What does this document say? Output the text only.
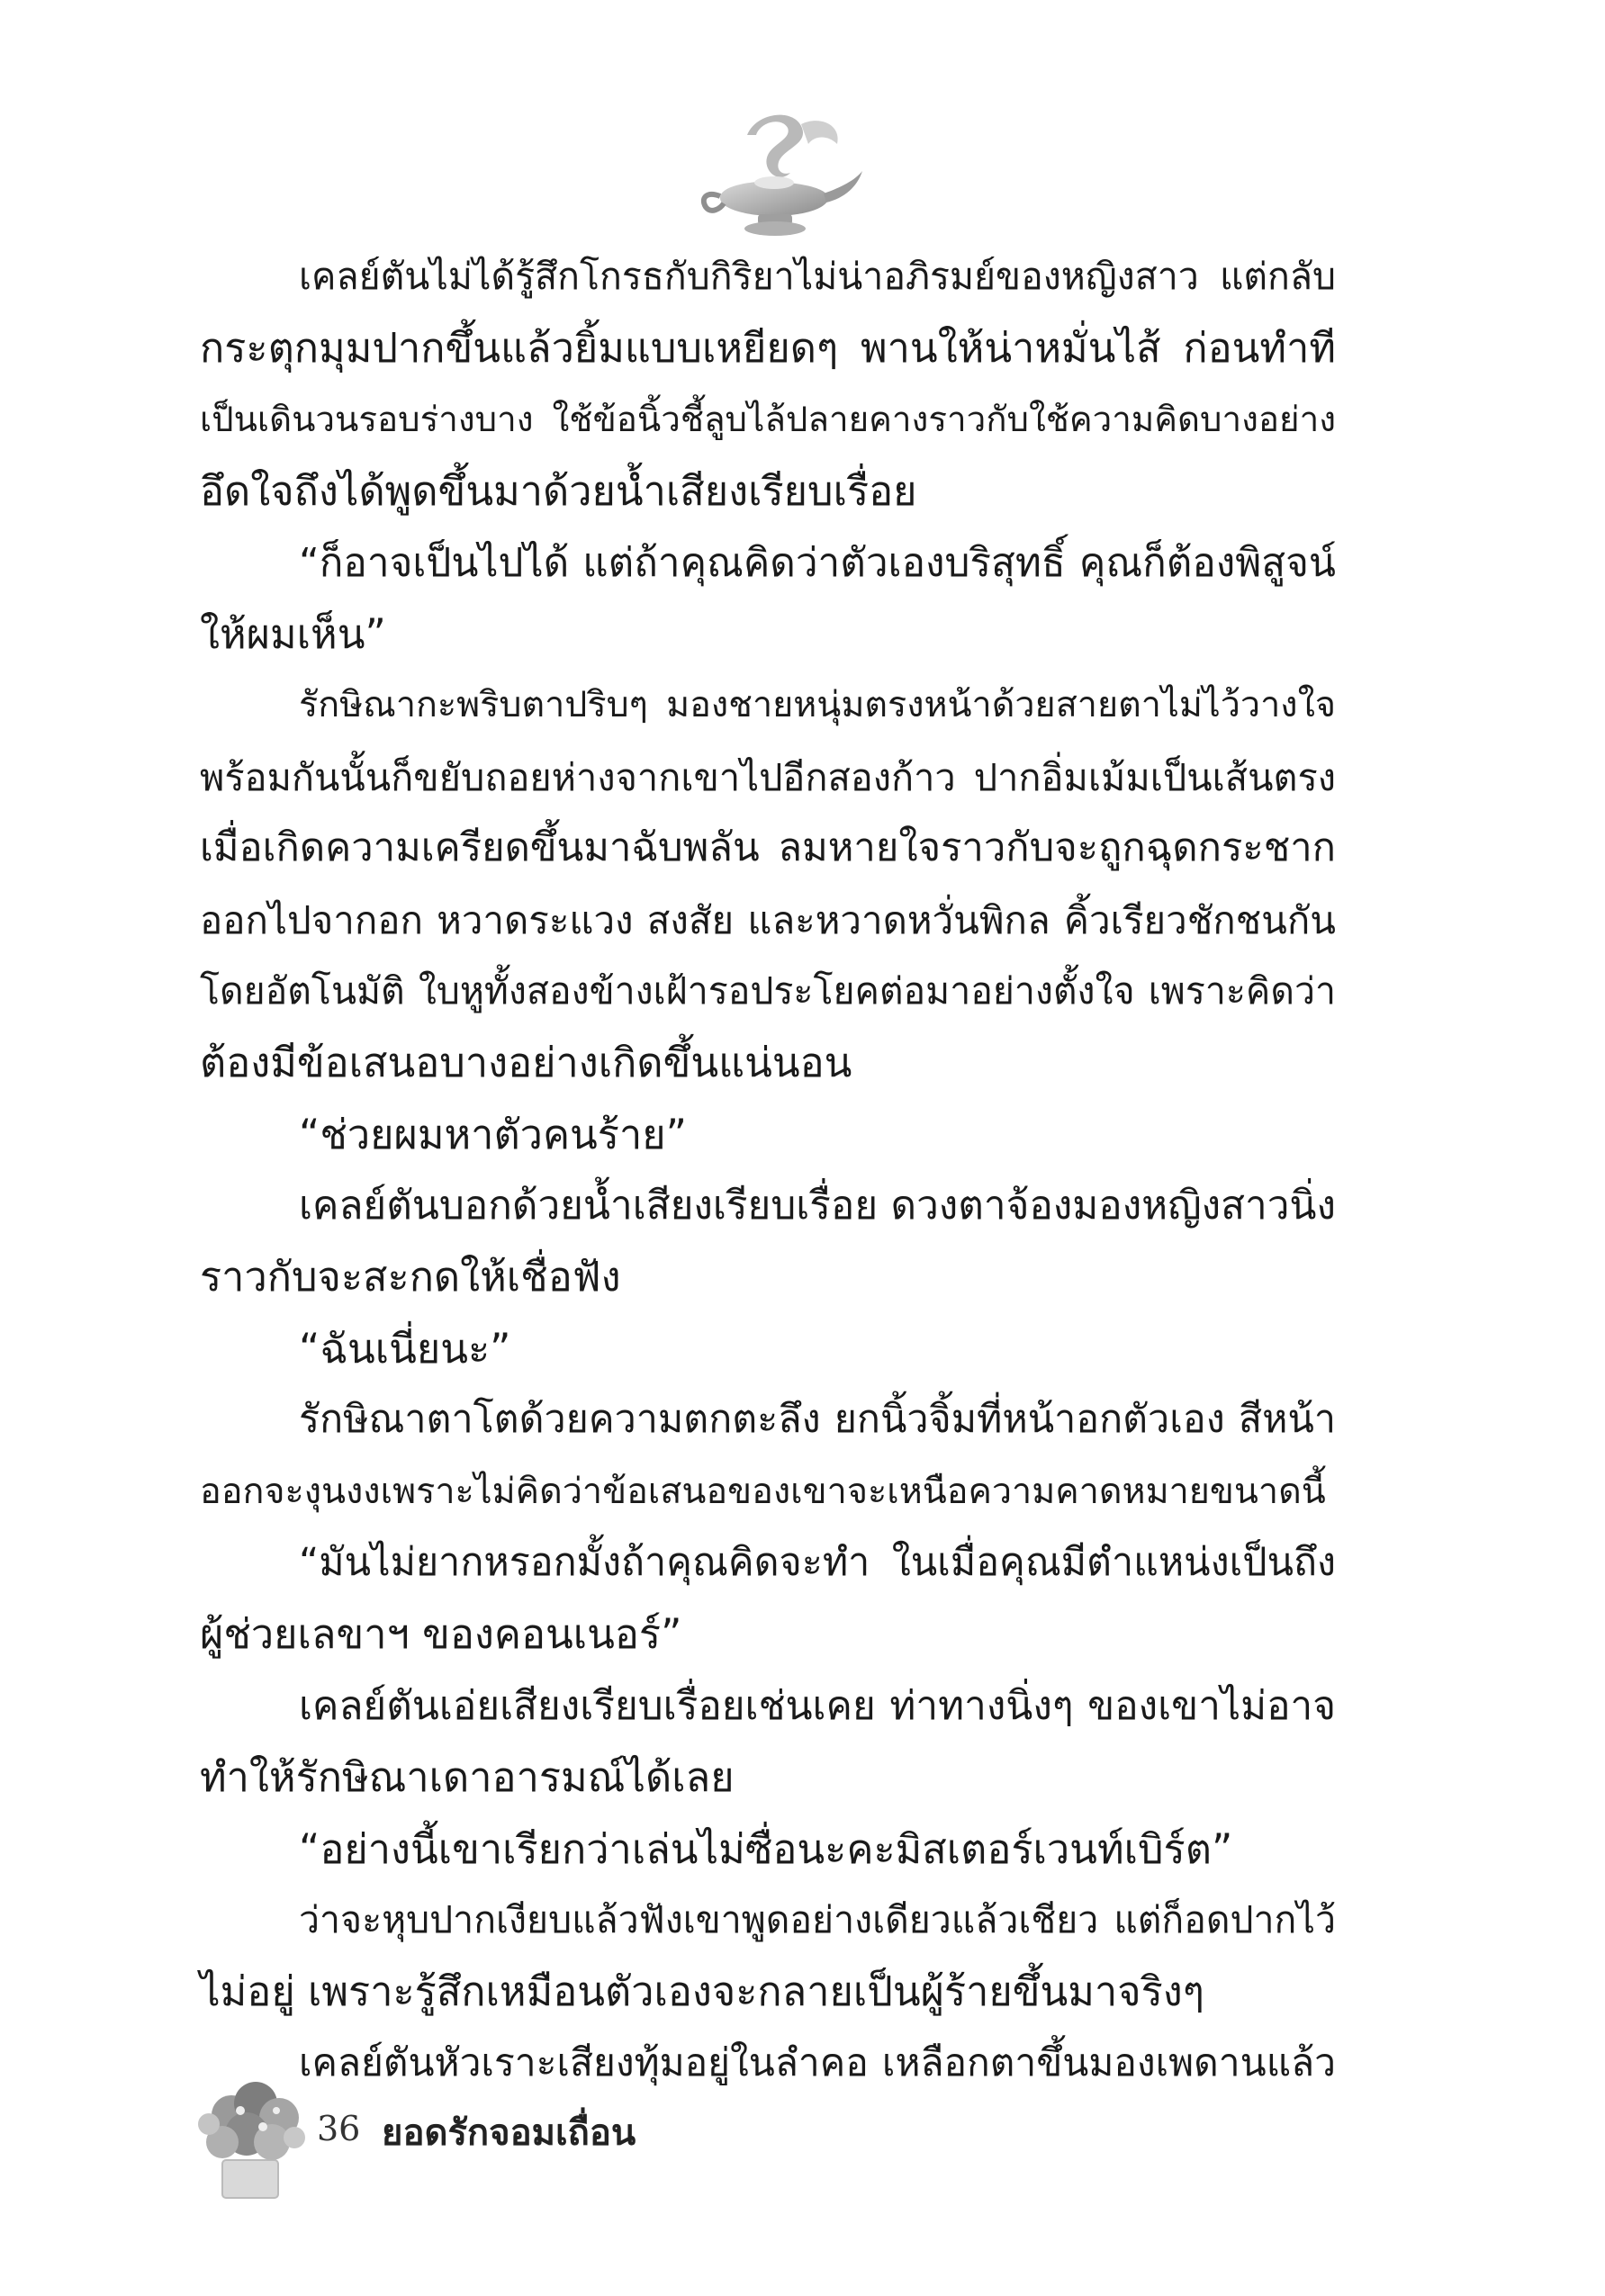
เคลย์ตันไม่ได้รู้สึกโกรธกับกิริยาไม่น่าอภิรมย์ของหญิงสาว แต่กลับ
กระตุกมุมปากขึ้นแล้วยิ้มแบบเหยียดๆ พานให้น่าหมั่นไส้ ก่อนทำที
เป็นเดินวนรอบร่างบาง ใช้ข้อนิ้วชี้ลูบไล้ปลายคางราวกับใช้ความคิดบางอย่าง
อึดใจถึงได้พูดขึ้นมาด้วยน้ำเสียงเรียบเรื่อย
“ก็อาจเป็นไปได้ แต่ถ้าคุณคิดว่าตัวเองบริสุทธิ์ คุณก็ต้องพิสูจน์
ให้ผมเห็น”
รักษิณากะพริบตาปริบๆ มองชายหนุ่มตรงหน้าด้วยสายตาไม่ไว้วางใจ
พร้อมกันนั้นก็ขยับถอยห่างจากเขาไปอีกสองก้าว ปากอิ่มเม้มเป็นเส้นตรง
เมื่อเกิดความเครียดขึ้นมาฉับพลัน ลมหายใจราวกับจะถูกฉุดกระชาก
ออกไปจากอก หวาดระแวง สงสัย และหวาดหวั่นพิกล คิ้วเรียวชักชนกัน
โดยอัตโนมัติ ใบหูทั้งสองข้างเฝ้ารอประโยคต่อมาอย่างตั้งใจ เพราะคิดว่า
ต้องมีข้อเสนอบางอย่างเกิดขึ้นแน่นอน
“ช่วยผมหาตัวคนร้าย”
เคลย์ตันบอกด้วยน้ำเสียงเรียบเรื่อย ดวงตาจ้องมองหญิงสาวนิ่ง
ราวกับจะสะกดให้เชื่อฟัง
“ฉันเนี่ยนะ”
รักษิณาตาโตด้วยความตกตะลึง ยกนิ้วจิ้มที่หน้าอกตัวเอง สีหน้า
ออกจะงุนงงเพราะไม่คิดว่าข้อเสนอของเขาจะเหนือความคาดหมายขนาดนี้
“มันไม่ยากหรอกมั้งถ้าคุณคิดจะทำ ในเมื่อคุณมีตำแหน่งเป็นถึง
ผู้ช่วยเลขาฯ ของคอนเนอร์”
เคลย์ตันเอ่ยเสียงเรียบเรื่อยเช่นเคย ท่าทางนิ่งๆ ของเขาไม่อาจ
ทำให้รักษิณาเดาอารมณ์ได้เลย
“อย่างนี้เขาเรียกว่าเล่นไม่ซื่อนะคะมิสเตอร์เวนท์เบิร์ต”
ว่าจะหุบปากเงียบแล้วฟังเขาพูดอย่างเดียวแล้วเชียว แต่ก็อดปากไว้
ไม่อยู่ เพราะรู้สึกเหมือนตัวเองจะกลายเป็นผู้ร้ายขึ้นมาจริงๆ
เคลย์ตันหัวเราะเสียงทุ้มอยู่ในลำคอ เหลือกตาขึ้นมองเพดานแล้ว
36 ยอดรักจอมเถื่อน
